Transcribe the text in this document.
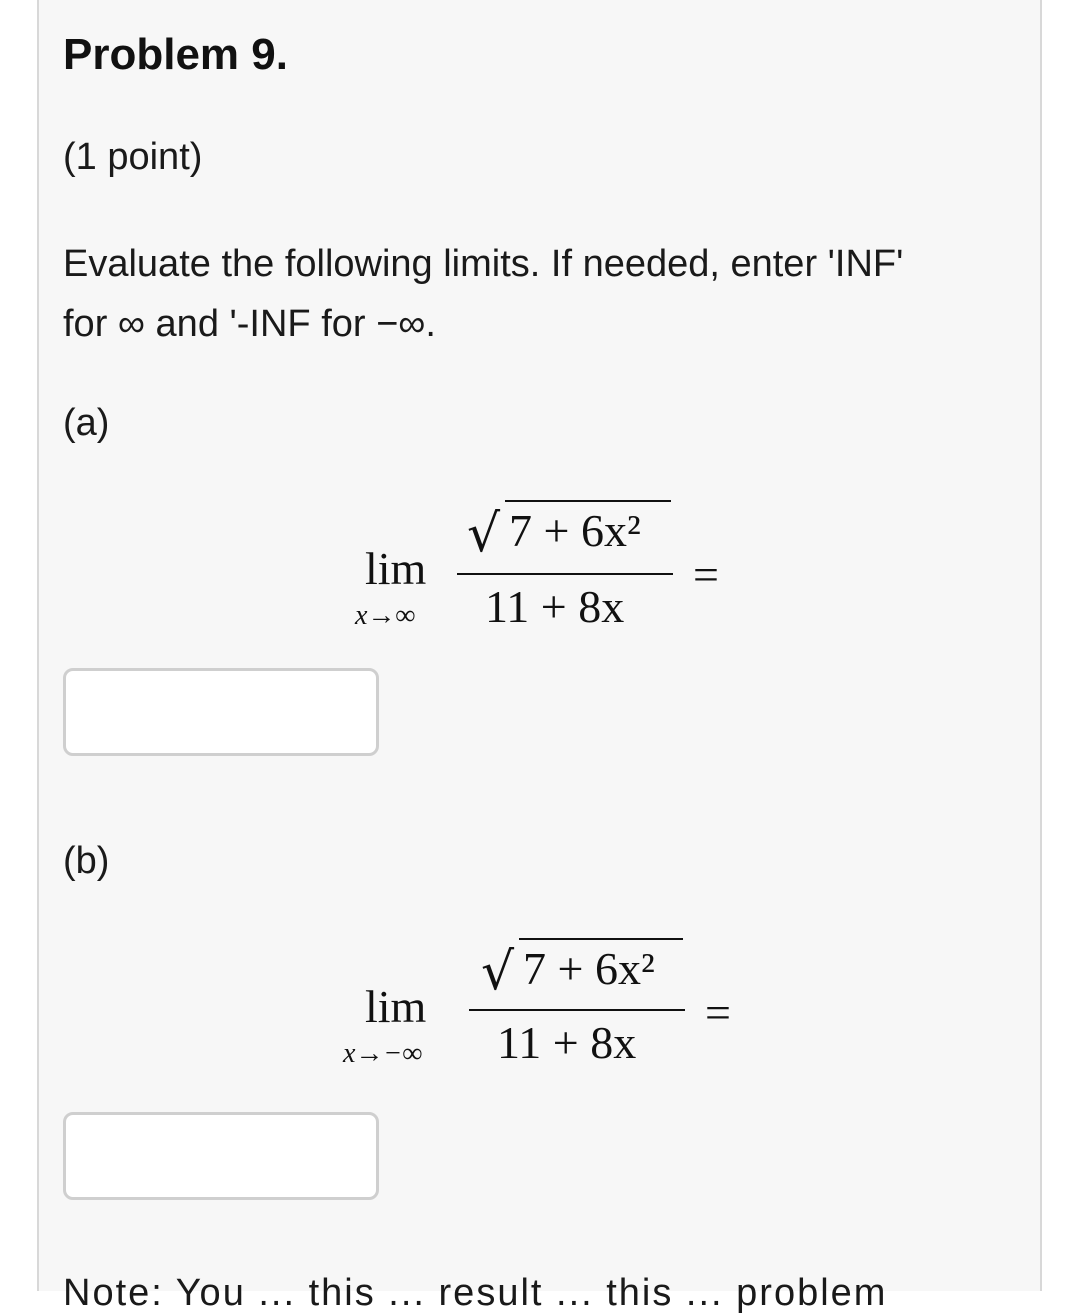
Problem 9.
(1 point)
Evaluate the following limits. If needed, enter 'INF'
for ∞ and '-INF for −∞.
(a)
lim
x→∞
√ 7 + 6x²
11 + 8x
=
(b)
lim
x→−∞
√ 7 + 6x²
11 + 8x
=
Note: You ... this ... result ... this ... problem
